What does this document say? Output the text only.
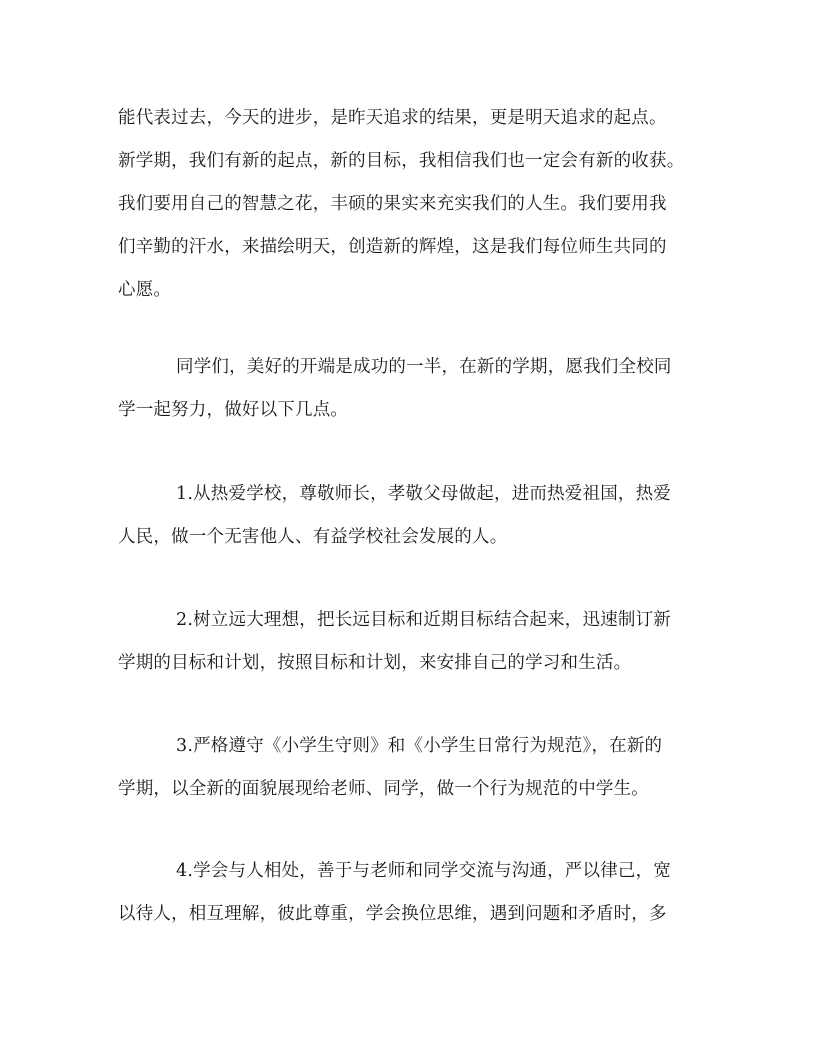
能代表过去，今天的进步，是昨天追求的结果，更是明天追求的起点。
新学期，我们有新的起点，新的目标，我相信我们也一定会有新的收获。
我们要用自己的智慧之花，丰硕的果实来充实我们的人生。我们要用我
们辛勤的汗水，来描绘明天，创造新的辉煌，这是我们每位师生共同的
心愿。
同学们，美好的开端是成功的一半，在新的学期，愿我们全校同
学一起努力，做好以下几点。
1.从热爱学校，尊敬师长，孝敬父母做起，进而热爱祖国，热爱
人民，做一个无害他人、有益学校社会发展的人。
2.树立远大理想，把长远目标和近期目标结合起来，迅速制订新
学期的目标和计划，按照目标和计划，来安排自己的学习和生活。
3.严格遵守《小学生守则》和《小学生日常行为规范》，在新的
学期，以全新的面貌展现给老师、同学，做一个行为规范的中学生。
4.学会与人相处，善于与老师和同学交流与沟通，严以律己，宽
以待人，相互理解，彼此尊重，学会换位思维，遇到问题和矛盾时，多
